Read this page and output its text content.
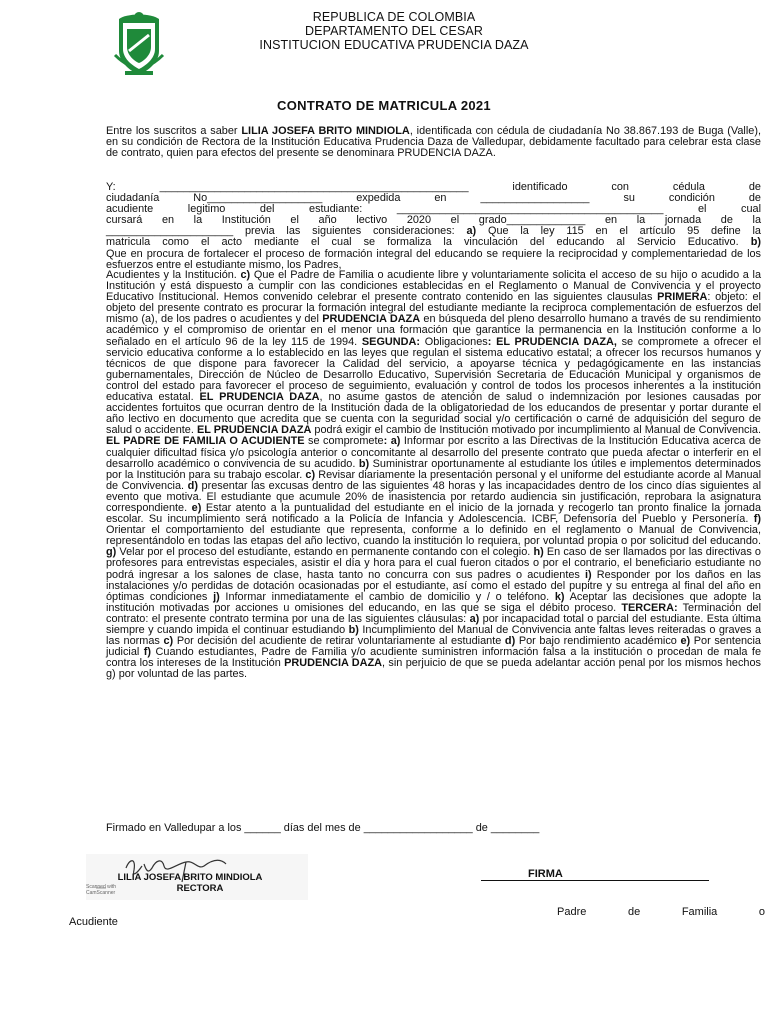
REPUBLICA DE COLOMBIA
DEPARTAMENTO DEL CESAR
INSTITUCION EDUCATIVA PRUDENCIA DAZA
CONTRATO DE MATRICULA 2021

Entre los suscritos a saber LILIA JOSEFA BRITO MINDIOLA, identificada con cédula de ciudadanía No 38.867.193 de Buga (Valle), en su condición de Rectora de la Institución Educativa Prudencia Daza de Valledupar, debidamente facultado para celebrar esta clase de contrato, quien para efectos del presente se denominara PRUDENCIA DAZA.

Y: ___________________________________________________ identificado con cédula de
ciudadanía No___________________ expedida en __________________ su condición de
acudiente legitimo del estudiante: ____________________________________________ el cual
cursará en la Institución el año lectivo 2020 el grado_____________ en la jornada de la
_____________________ previa las siguientes consideraciones: a) Que la ley 115 en el artículo 95 define la
matricula como el acto mediante el cual se formaliza la vinculación del educando al Servicio Educativo. b)
Que en procura de fortalecer el proceso de formación integral del educando se requiere la reciprocidad y complementariedad de los esfuerzos entre el estudiante mismo, los Padres,

Acudientes y la Institución. c) Que el Padre de Familia o acudiente libre y voluntariamente solicita el acceso de su hijo o acudido a la Institución y está dispuesto a cumplir con las condiciones establecidas en el Reglamento o Manual de Convivencia y el proyecto Educativo Institucional. Hemos convenido celebrar el presente contrato contenido en las siguientes clausulas PRIMERA: objeto: el objeto del presente contrato es procurar la formación integral del estudiante mediante la reciproca complementación de esfuerzos del mismo (a), de los padres o acudientes y del PRUDENCIA DAZA en búsqueda del pleno desarrollo humano a través de su rendimiento académico y el compromiso de orientar en el menor una formación que garantice la permanencia en la Institución conforme a lo señalado en el artículo 96 de la ley 115 de 1994. SEGUNDA: Obligaciones: EL PRUDENCIA DAZA, se compromete a ofrecer el servicio educativa conforme a lo establecido en las leyes que regulan el sistema educativo estatal; a ofrecer los recursos humanos y técnicos de que dispone para favorecer la Calidad del servicio, a apoyarse técnica y pedagógicamente en las instancias gubernamentales, Dirección de Núcleo de Desarrollo Educativo, Supervisión Secretaria de Educación Municipal y organismos de control del estado para favorecer el proceso de seguimiento, evaluación y control de todos los procesos inherentes a la institución educativa estatal. EL PRUDENCIA DAZA, no asume gastos de atención de salud o indemnización por lesiones causadas por accidentes fortuitos que ocurran dentro de la Institución dada de la obligatoriedad de los educandos de presentar y portar durante el año lectivo en documento que acredita que se cuenta con la seguridad social y/o certificación o carné de adquisición del seguro de salud o accidente. EL PRUDENCIA DAZA podrá exigir el cambio de Institución motivado por incumplimiento al Manual de Convivencia. EL PADRE DE FAMILIA O ACUDIENTE se compromete: a) Informar por escrito a las Directivas de la Institución Educativa acerca de cualquier dificultad física y/o psicología anterior o concomitante al desarrollo del presente contrato que pueda afectar o interferir en el desarrollo académico o convivencia de su acudido. b) Suministrar oportunamente al estudiante los útiles e implementos determinados por la Institución para su trabajo escolar. c) Revisar diariamente la presentación personal y el uniforme del estudiante acorde al Manual de Convivencia. d) presentar las excusas dentro de las siguientes 48 horas y las incapacidades dentro de los cinco días siguientes al evento que motiva. El estudiante que acumule 20% de inasistencia por retardo audiencia sin justificación, reprobara la asignatura correspondiente. e) Estar atento a la puntualidad del estudiante en el inicio de la jornada y recogerlo tan pronto finalice la jornada escolar. Su incumplimiento será notificado a la Policía de Infancia y Adolescencia. ICBF, Defensoría del Pueblo y Personería. f) Orientar el comportamiento del estudiante que representa, conforme a lo definido en el reglamento o Manual de Convivencia, representándolo en todas las etapas del año lectivo, cuando la institución lo requiera, por voluntad propia o por solicitud del educando. g) Velar por el proceso del estudiante, estando en permanente contando con el colegio. h) En caso de ser llamados por las directivas o profesores para entrevistas especiales, asistir el día y hora para el cual fueron citados o por el contrario, el beneficiario estudiante no podrá ingresar a los salones de clase, hasta tanto no concurra con sus padres o acudientes i) Responder por los daños en las instalaciones y/o perdidas de dotación ocasionadas por el estudiante, así como el estado del pupitre y su entrega al final del año en óptimas condiciones j) Informar inmediatamente el cambio de domicilio y / o teléfono. k) Aceptar las decisiones que adopte la institución motivadas por acciones u omisiones del educando, en las que se siga el débito proceso. TERCERA: Terminación del contrato: el presente contrato termina por una de las siguientes cláusulas: a) por incapacidad total o parcial del estudiante. Esta última siempre y cuando impida el continuar estudiando b) Incumplimiento del Manual de Convivencia ante faltas leves reiteradas o graves a las normas c) Por decisión del acudiente de retirar voluntariamente al estudiante d) Por bajo rendimiento académico e) Por sentencia judicial f) Cuando estudiantes, Padre de Familia y/o acudiente suministren información falsa a la institución o procedan de mala fe contra los intereses de la Institución PRUDENCIA DAZA, sin perjuicio de que se pueda adelantar acción penal por los mismos hechos g) por voluntad de las partes.

Firmado en Valledupar a los ______ días del mes de __________________ de ________
LILIA JOSEFA BRITO MINDIOLA
RECTORA
Scanned with
CamScanner
FIRMA
Padre de Familia o
Acudiente
